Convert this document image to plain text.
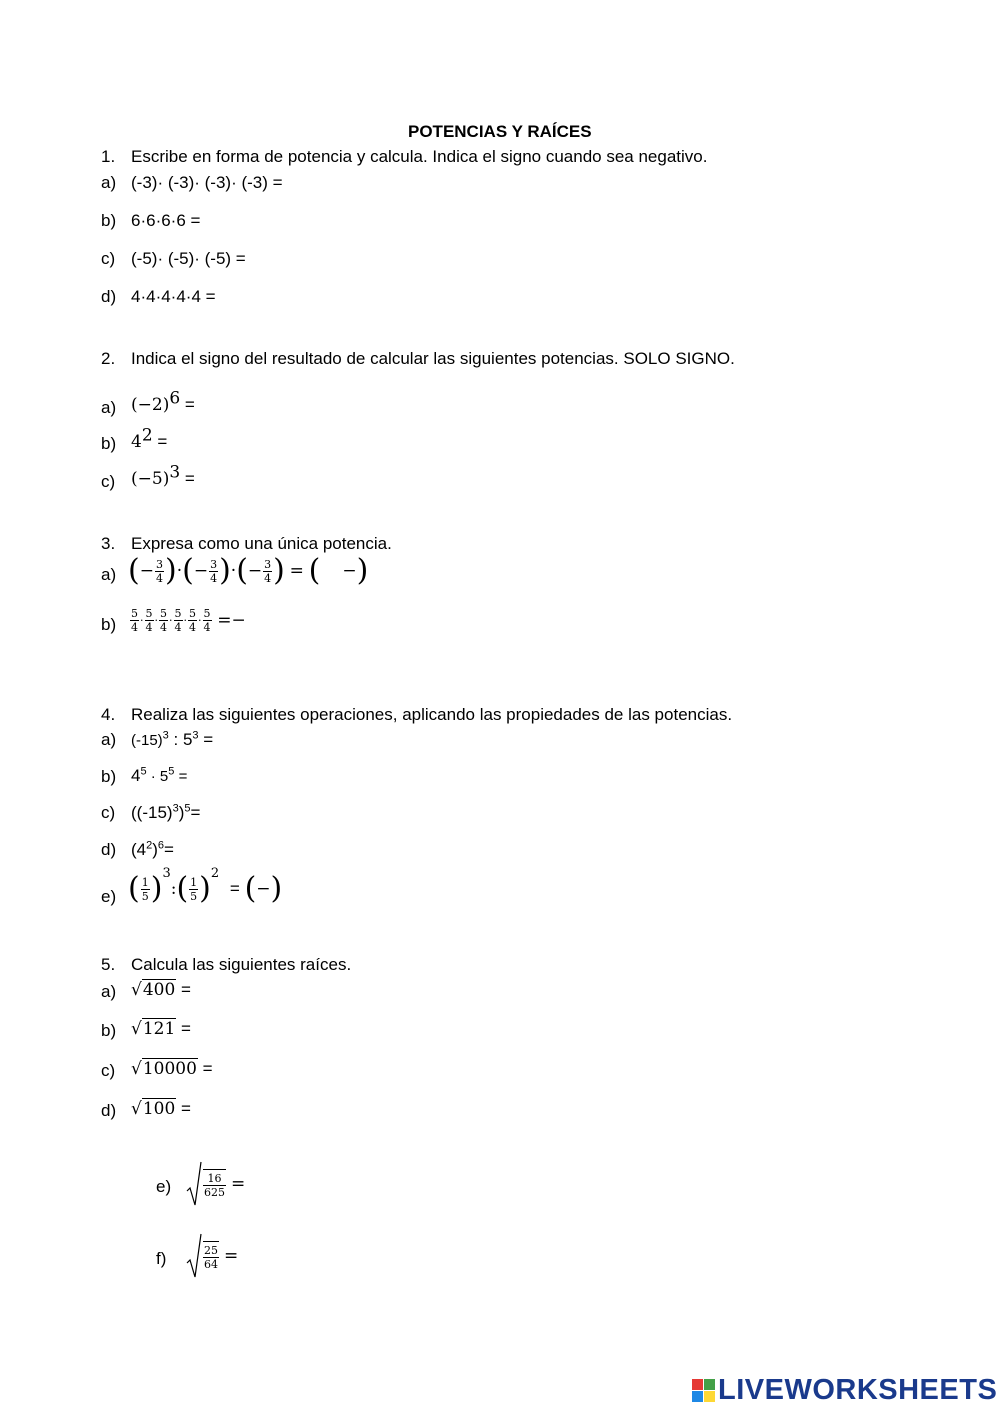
POTENCIAS Y RAÍCES
1. Escribe en forma de potencia y calcula. Indica el signo cuando sea negativo.
a) (-3)· (-3)· (-3)· (-3) =
b) 6·6·6·6 =
c) (-5)· (-5)· (-5) =
d) 4·4·4·4·4 =
2. Indica el signo del resultado de calcular las siguientes potencias. SOLO SIGNO.
a) $(-2)^6$ =
b) $4^2$ =
c) $(-5)^3$ =
3. Expresa como una única potencia.
a) (− $\frac{3}{4}$ )·(− $\frac{3}{4}$ )·(− $\frac{3}{4}$ ) = ( −)
$b) \frac{5}{4} \cdot \frac{5}{4} \cdot \frac{5}{4} \cdot \frac{5}{4} \cdot \frac{5}{4} \cdot \frac{5}{4}$ =−
4. Realiza las siguientes operaciones, aplicando las propiedades de las potencias.
a) $(-15)^3$ : $5^3$ =
b) $4^5 \cdot 5^5$ =
c) $((-15)^3)^5=$
d) $(4^2)^6=$
e) ( $\frac{1}{5}$ )$^3$:( $\frac{1}{5} )^2$ = (−)
5. Calcula las siguientes raíces.
a) √400 =
b) √121 =
c) √10000 =
d) √100 =
e)	$\frac{16}{625}$ =
f)	$\frac{25}{64}$ =
LIVEWORKSHEETS
